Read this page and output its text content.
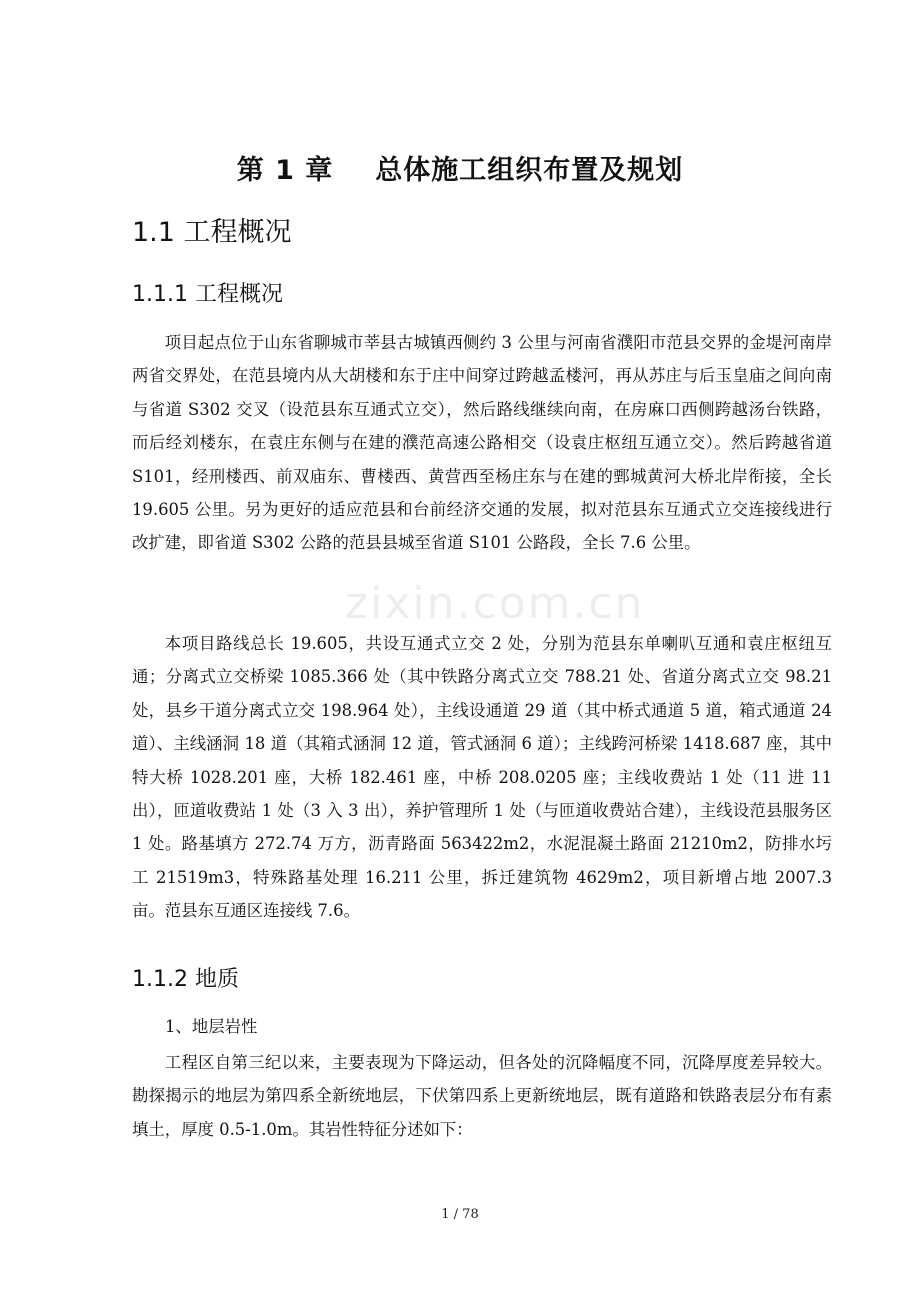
第 1 章 总体施工组织布置及规划
1.1 工程概况
1.1.1 工程概况

项目起点位于山东省聊城市莘县古城镇西侧约 3 公里与河南省濮阳市范县交界的金堤河南岸两省交界处，在范县境内从大胡楼和东于庄中间穿过跨越孟楼河，再从苏庄与后玉皇庙之间向南与省道 S302 交叉（设范县东互通式立交），然后路线继续向南，在房麻口西侧跨越汤台铁路，而后经刘楼东，在袁庄东侧与在建的濮范高速公路相交（设袁庄枢纽互通立交）。然后跨越省道 S101，经刑楼西、前双庙东、曹楼西、黄营西至杨庄东与在建的鄄城黄河大桥北岸衔接，全长 19.605 公里。另为更好的适应范县和台前经济交通的发展，拟对范县东互通式立交连接线进行改扩建，即省道 S302 公路的范县县城至省道 S101 公路段，全长 7.6 公里。

本项目路线总长 19.605，共设互通式立交 2 处，分别为范县东单喇叭互通和袁庄枢纽互通；分离式立交桥梁 1085.366 处（其中铁路分离式立交 788.21 处、省道分离式立交 98.21 处，县乡干道分离式立交 198.964 处），主线设通道 29 道（其中桥式通道 5 道，箱式通道 24 道）、主线涵洞 18 道（其箱式涵洞 12 道，管式涵洞 6 道）；主线跨河桥梁 1418.687 座，其中特大桥 1028.201 座，大桥 182.461 座，中桥 208.0205 座；主线收费站 1 处（11 进 11 出），匝道收费站 1 处（3 入 3 出），养护管理所 1 处（与匝道收费站合建），主线设范县服务区 1 处。路基填方 272.74 万方，沥青路面 563422m2，水泥混凝土路面 21210m2，防排水圬工 21519m3，特殊路基处理 16.211 公里，拆迁建筑物 4629m2，项目新增占地 2007.3 亩。范县东互通区连接线 7.6。

1.1.2 地质
1、地层岩性

工程区自第三纪以来，主要表现为下降运动，但各处的沉降幅度不同，沉降厚度差异较大。勘探揭示的地层为第四系全新统地层，下伏第四系上更新统地层，既有道路和铁路表层分布有素填土，厚度 0.5-1.0m。其岩性特征分述如下：

zixin.com.cn
1 / 78
